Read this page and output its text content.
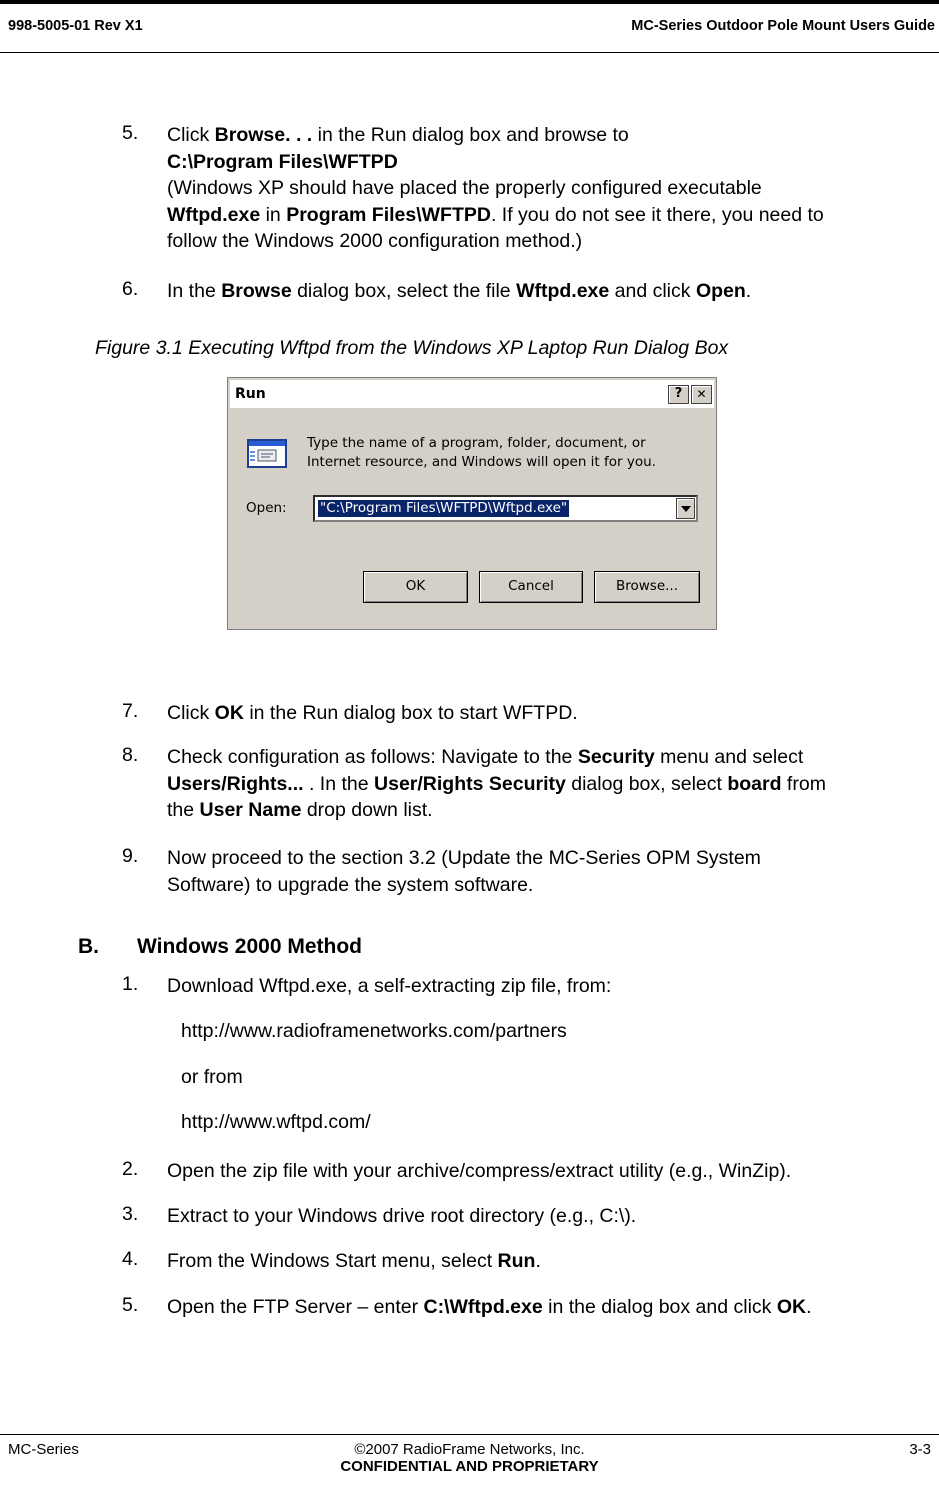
998-5005-01 Rev X1	MC-Series Outdoor Pole Mount Users Guide
5. Click Browse. . . in the Run dialog box and browse to
C:\Program Files\WFTPD
(Windows XP should have placed the properly configured executable
Wftpd.exe in Program Files\WFTPD. If you do not see it there, you need to
follow the Windows 2000 configuration method.)
6. In the Browse dialog box, select the file Wftpd.exe and click Open.
Figure 3.1 Executing Wftpd from the Windows XP Laptop Run Dialog Box
Run	?	✕
Type the name of a program, folder, document, or
Internet resource, and Windows will open it for you.
Open: "C:\Program Files\WFTPD\Wftpd.exe"
OK	Cancel	Browse...
7. Click OK in the Run dialog box to start WFTPD.
8. Check configuration as follows: Navigate to the Security menu and select
Users/Rights... . In the User/Rights Security dialog box, select board from
the User Name drop down list.
9. Now proceed to the section 3.2 (Update the MC-Series OPM System
Software) to upgrade the system software.
B. Windows 2000 Method
1. Download Wftpd.exe, a self-extracting zip file, from:
http://www.radioframenetworks.com/partners
or from
http://www.wftpd.com/
2. Open the zip file with your archive/compress/extract utility (e.g., WinZip).
3. Extract to your Windows drive root directory (e.g., C:\).
4. From the Windows Start menu, select Run.
5. Open the FTP Server – enter C:\Wftpd.exe in the dialog box and click OK.
MC-Series	©2007 RadioFrame Networks, Inc.
CONFIDENTIAL AND PROPRIETARY
3-3
